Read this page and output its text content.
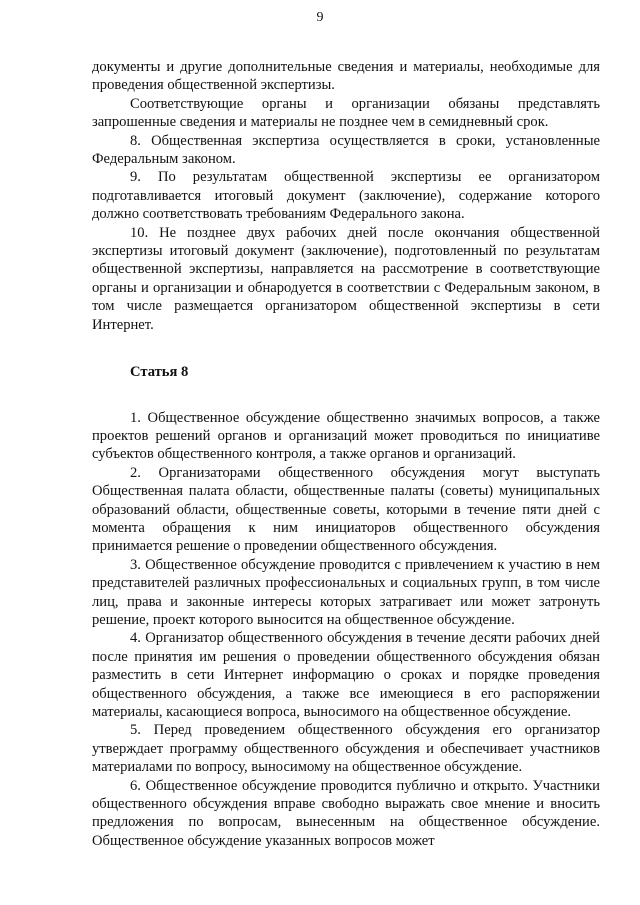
9

документы и другие дополнительные сведения и материалы, необходимые для проведения общественной экспертизы.

Соответствующие органы и организации обязаны представлять запрошенные сведения и материалы не позднее чем в семидневный срок.

8. Общественная экспертиза осуществляется в сроки, установленные Федеральным законом.

9. По результатам общественной экспертизы ее организатором подготавливается итоговый документ (заключение), содержание которого должно соответствовать требованиям Федерального закона.

10. Не позднее двух рабочих дней после окончания общественной экспертизы итоговый документ (заключение), подготовленный по результатам общественной экспертизы, направляется на рассмотрение в соответствующие органы и организации и обнародуется в соответствии с Федеральным законом, в том числе размещается организатором общественной экспертизы в сети Интернет.

Статья 8

1. Общественное обсуждение общественно значимых вопросов, а также проектов решений органов и организаций может проводиться по инициативе субъектов общественного контроля, а также органов и организаций.

2. Организаторами общественного обсуждения могут выступать Общественная палата области, общественные палаты (советы) муниципальных образований области, общественные советы, которыми в течение пяти дней с момента обращения к ним инициаторов общественного обсуждения принимается решение о проведении общественного обсуждения.

3. Общественное обсуждение проводится с привлечением к участию в нем представителей различных профессиональных и социальных групп, в том числе лиц, права и законные интересы которых затрагивает или может затронуть решение, проект которого выносится на общественное обсуждение.

4. Организатор общественного обсуждения в течение десяти рабочих дней после принятия им решения о проведении общественного обсуждения обязан разместить в сети Интернет информацию о сроках и порядке проведения общественного обсуждения, а также все имеющиеся в его распоряжении материалы, касающиеся вопроса, выносимого на общественное обсуждение.

5. Перед проведением общественного обсуждения его организатор утверждает программу общественного обсуждения и обеспечивает участников материалами по вопросу, выносимому на общественное обсуждение.

6. Общественное обсуждение проводится публично и открыто. Участники общественного обсуждения вправе свободно выражать свое мнение и вносить предложения по вопросам, вынесенным на общественное обсуждение. Общественное обсуждение указанных вопросов может
